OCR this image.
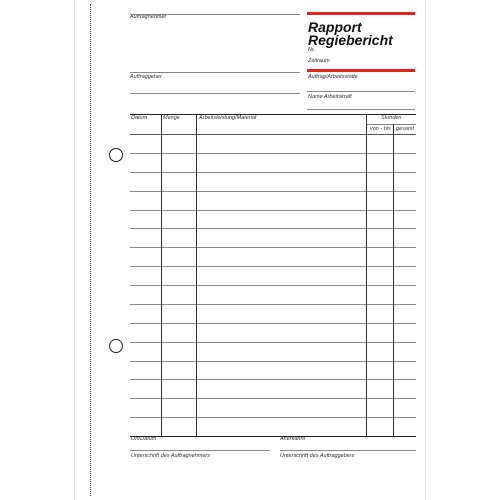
Auftragnehmer
Auftraggeber
Rapport
Regiebericht
Nr.
Zeitraum
Auftrag/Arbeitsstätte
Name Arbeitskraft
Datum	Menge	Arbeitsleistung/Material	Stunden
von - bis gesamt
Ort/Datum	Anerkannt
Unterschrift des Auftragnehmers	Unterschrift des Auftraggebers
